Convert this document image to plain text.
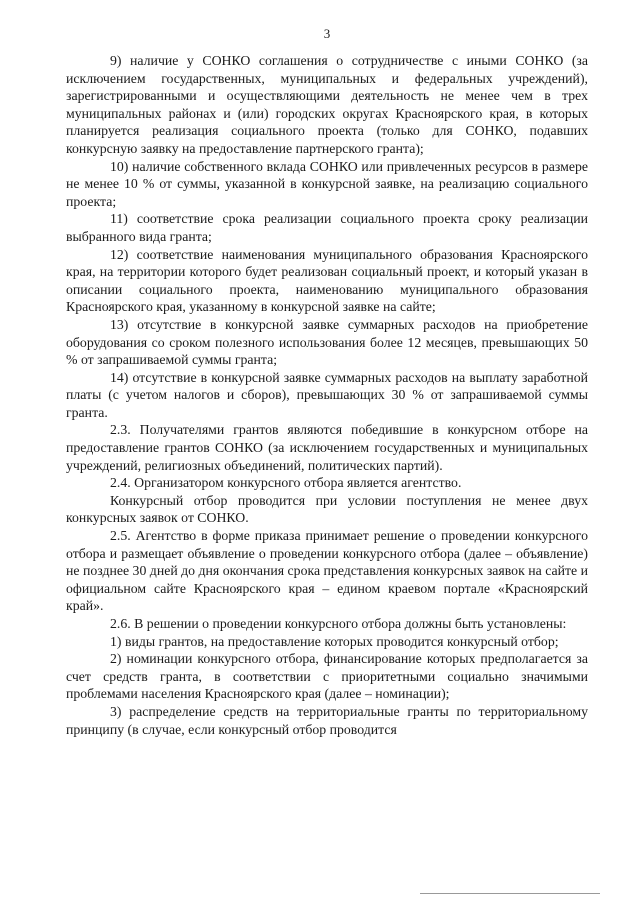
3

9) наличие у СОНКО соглашения о сотрудничестве с иными СОНКО (за исключением государственных, муниципальных и федеральных учреждений), зарегистрированными и осуществляющими деятельность не менее чем в трех муниципальных районах и (или) городских округах Красноярского края, в которых планируется реализация социального проекта (только для СОНКО, подавших конкурсную заявку на предоставление партнерского гранта);

10) наличие собственного вклада СОНКО или привлеченных ресурсов в размере не менее 10 % от суммы, указанной в конкурсной заявке, на реализацию социального проекта;

11) соответствие срока реализации социального проекта сроку реализации выбранного вида гранта;

12) соответствие наименования муниципального образования Красноярского края, на территории которого будет реализован социальный проект, и который указан в описании социального проекта, наименованию муниципального образования Красноярского края, указанному в конкурсной заявке на сайте;

13) отсутствие в конкурсной заявке суммарных расходов на приобретение оборудования со сроком полезного использования более 12 месяцев, превышающих 50 % от запрашиваемой суммы гранта;

14) отсутствие в конкурсной заявке суммарных расходов на выплату заработной платы (с учетом налогов и сборов), превышающих 30 % от запрашиваемой суммы гранта.

2.3. Получателями грантов являются победившие в конкурсном отборе на предоставление грантов СОНКО (за исключением государственных и муниципальных учреждений, религиозных объединений, политических партий).

2.4. Организатором конкурсного отбора является агентство.

Конкурсный отбор проводится при условии поступления не менее двух конкурсных заявок от СОНКО.

2.5. Агентство в форме приказа принимает решение о проведении конкурсного отбора и размещает объявление о проведении конкурсного отбора (далее – объявление) не позднее 30 дней до дня окончания срока представления конкурсных заявок на сайте и официальном сайте Красноярского края – едином краевом портале «Красноярский край».

2.6. В решении о проведении конкурсного отбора должны быть установлены:

1) виды грантов, на предоставление которых проводится конкурсный отбор;

2) номинации конкурсного отбора, финансирование которых предполагается за счет средств гранта, в соответствии с приоритетными социально значимыми проблемами населения Красноярского края (далее – номинации);

3) распределение средств на территориальные гранты по территориальному принципу (в случае, если конкурсный отбор проводится
